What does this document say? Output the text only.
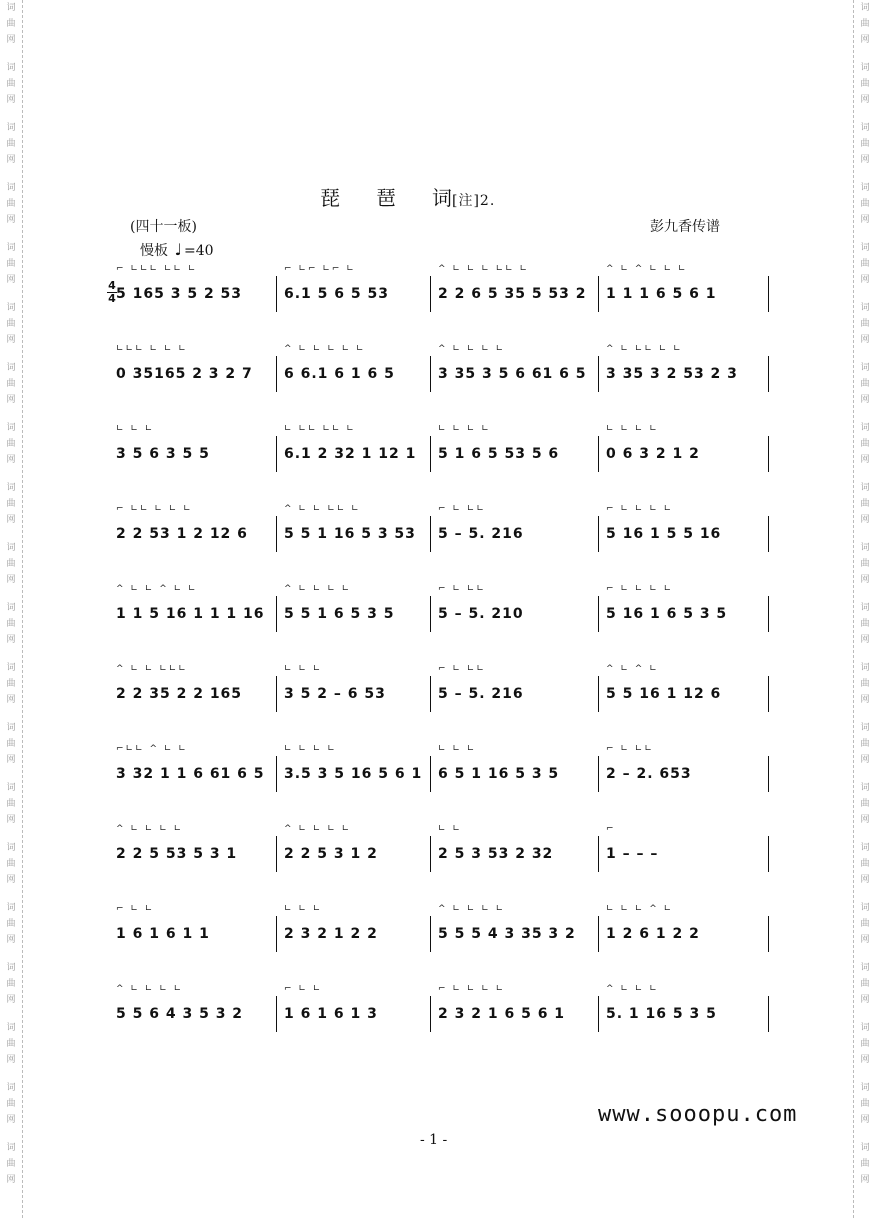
词
曲
网
词
曲
网
词
曲
网
词
曲
网
词
曲
网
词
曲
网
词
曲
网
词
曲
网
词
曲
网
词
曲
网
词
曲
网
词
曲
网
词
曲
网
词
曲
网
词
曲
网
词
曲
网
词
曲
网
词
曲
网
词
曲
网
词
曲
网
词
曲
网
词
曲
网
词
曲
网
词
曲
网
词
曲
网
词
曲
网
词
曲
网
词
曲
网
词
曲
网
词
曲
网
词
曲
网
词
曲
网
词
曲
网
词
曲
网
词
曲
网
词
曲
网
词
曲
网
词
曲
网
词
曲
网
词
曲
网
琵 琶 词[注]2.
(四十一板)	彭九香传谱
慢板 ♩ =40
4
4
⌐ ∟∟∟ ∟∟ ∟
5 165 3 5 2 53
⌐ ∟⌐ ∟⌐ ∟
6.1 5 6 5 53
^ ∟ ∟ ∟ ∟∟ ∟
2 2 6 5 35 5 53 2
^ ∟ ^ ∟ ∟ ∟
1 1 1 6 5 6 1
∟∟∟ ∟ ∟ ∟
0 35165 2 3 2 7
^ ∟ ∟ ∟ ∟ ∟
6 6.1 6 1 6 5
^ ∟ ∟ ∟ ∟
3 35 3 5 6 61 6 5
^ ∟ ∟∟ ∟ ∟
3 35 3 2 53 2 3
∟ ∟ ∟
3 5 6 3 5 5
∟ ∟∟ ∟∟ ∟
6.1 2 32 1 12 1
∟ ∟ ∟ ∟
5 1 6 5 53 5 6
∟ ∟ ∟ ∟
0 6 3 2 1 2
⌐ ∟∟ ∟ ∟ ∟
2 2 53 1 2 12 6
^ ∟ ∟ ∟∟ ∟
5 5 1 16 5 3 53
⌐ ∟ ∟∟
5 – 5. 216
⌐ ∟ ∟ ∟ ∟
5 16 1 5 5 16
^ ∟ ∟ ^ ∟ ∟
1 1 5 16 1 1 1 16
^ ∟ ∟ ∟ ∟
5 5 1 6 5 3 5
⌐ ∟ ∟∟
5 – 5. 210
⌐ ∟ ∟ ∟ ∟
5 16 1 6 5 3 5
^ ∟ ∟ ∟∟∟
2 2 35 2 2 165
∟ ∟ ∟
3 5 2 – 6 53
⌐ ∟ ∟∟
5 – 5. 216
^ ∟ ^ ∟
5 5 16 1 12 6
⌐∟∟ ^ ∟ ∟
3 32 1 1 6 61 6 5
∟ ∟ ∟ ∟
3.5 3 5 16 5 6 1
∟ ∟ ∟
6 5 1 16 5 3 5
⌐ ∟ ∟∟
2 – 2. 653
^ ∟ ∟ ∟ ∟
2 2 5 53 5 3 1
^ ∟ ∟ ∟ ∟
2 2 5 3 1 2
∟ ∟
2 5 3 53 2 32
⌐
1 – – –
⌐ ∟ ∟
1 6 1 6 1 1
∟ ∟ ∟
2 3 2 1 2 2
^ ∟ ∟ ∟ ∟
5 5 5 4 3 35 3 2
∟ ∟ ∟ ^ ∟
1 2 6 1 2 2
^ ∟ ∟ ∟ ∟
5 5 6 4 3 5 3 2
⌐ ∟ ∟
1 6 1 6 1 3
⌐ ∟ ∟ ∟ ∟
2 3 2 1 6 5 6 1
^ ∟ ∟ ∟
5. 1 16 5 3 5
www.sooopu.com
- 1 -
